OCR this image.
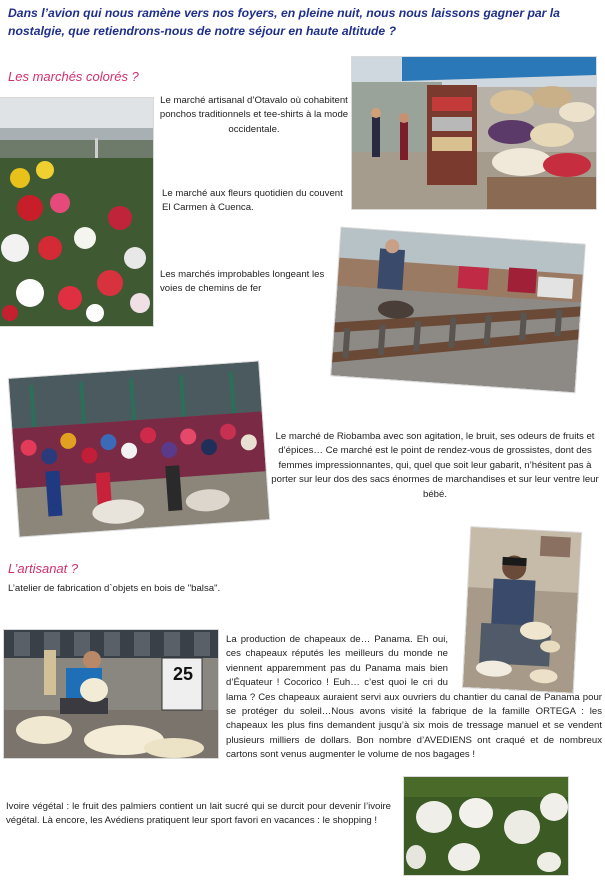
Dans l’avion qui nous ramène vers nos foyers, en pleine nuit, nous nous laissons gagner par la nostalgie, que retiendrons-nous de notre séjour en haute altitude ?
Les marchés colorés ?
Le marché artisanal d’Otavalo où cohabitent ponchos traditionnels et tee-shirts à la mode occidentale.
Le marché aux fleurs quotidien du couvent El Carmen à Cuenca.
Les marchés improbables longeant les voies de chemins de fer
Le marché de Riobamba avec son agitation, le bruit, ses odeurs de fruits et d’épices… Ce marché est le point de rendez-vous de grossistes, dont des femmes impressionnantes, qui, quel que soit leur gabarit, n’hésitent pas à porter sur leur dos des sacs énormes de marchandises et sur leur ventre leur bébé.
L’artisanat ?
L’atelier de fabrication d`objets en bois de "balsa".
25
La production de chapeaux de… Panama. Eh oui, ces chapeaux réputés les meilleurs du monde ne viennent apparemment pas du Panama mais bien d’Équateur ! Cocorico ! Euh… c’est quoi le cri du lama ? Ces chapeaux auraient servi aux ouvriers du chantier du canal de Panama pour se protéger du soleil…Nous avons visité la fabrique de la famille ORTEGA : les chapeaux les plus fins demandent jusqu’à six mois de tressage manuel et se vendent plusieurs milliers de dollars. Bon nombre d’AVEDIENS ont craqué et de nombreux cartons sont venus augmenter le volume de nos bagages !
Ivoire végétal : le fruit des palmiers contient un lait sucré qui se durcit pour devenir l’ivoire végétal. Là encore, les Avédiens pratiquent leur sport favori en vacances : le shopping !
